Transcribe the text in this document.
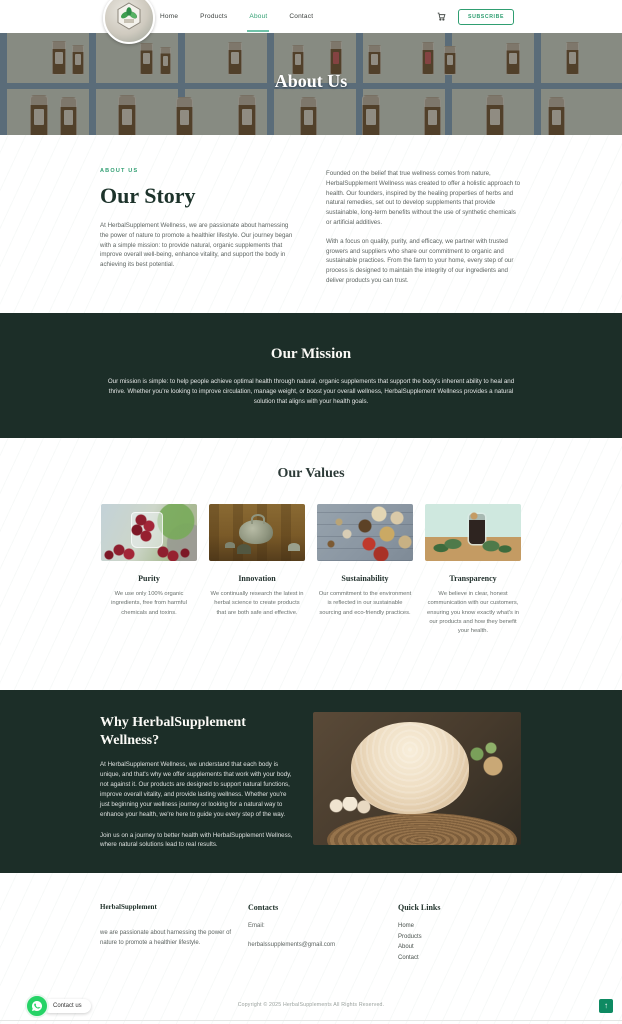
Home	Products	About	Contact	SUBSCRIBE
About Us
ABOUT US
Our Story

At HerbalSupplement Wellness, we are passionate about harnessing the power of nature to promote a healthier lifestyle. Our journey began with a simple mission: to provide natural, organic supplements that improve overall well-being, enhance vitality, and support the body in achieving its best potential.

Founded on the belief that true wellness comes from nature, HerbalSupplement Wellness was created to offer a holistic approach to health. Our founders, inspired by the healing properties of herbs and natural remedies, set out to develop supplements that provide sustainable, long-term benefits without the use of synthetic chemicals or artificial additives.

With a focus on quality, purity, and efficacy, we partner with trusted growers and suppliers who share our commitment to organic and sustainable practices. From the farm to your home, every step of our process is designed to maintain the integrity of our ingredients and deliver products you can trust.

Our Mission

Our mission is simple: to help people achieve optimal health through natural, organic supplements that support the body's inherent ability to heal and thrive. Whether you're looking to improve circulation, manage weight, or boost your overall wellness, HerbalSupplement Wellness provides a natural solution that aligns with your health goals.

Our Values
Purity

We use only 100% organic ingredients, free from harmful chemicals and toxins.

Innovation

We continually research the latest in herbal science to create products that are both safe and effective.

Sustainability

Our commitment to the environment is reflected in our sustainable sourcing and eco-friendly practices.

Transparency

We believe in clear, honest communication with our customers, ensuring you know exactly what's in our products and how they benefit your health.

Why HerbalSupplement Wellness?

At HerbalSupplement Wellness, we understand that each body is unique, and that's why we offer supplements that work with your body, not against it. Our products are designed to support natural functions, improve overall vitality, and provide lasting wellness. Whether you're just beginning your wellness journey or looking for a natural way to enhance your health, we're here to guide you every step of the way.

Join us on a journey to better health with HerbalSupplement Wellness, where natural solutions lead to real results.

HerbalSupplement

we are passionate about harnessing the power of nature to promote a healthier lifestyle.

Contacts
Email:
herbalssupplements@gmail.com
Quick Links
Home
Products
About
Contact
Copyright © 2025 HerbalSupplements All Rights Reserved.
Contact us	↑
